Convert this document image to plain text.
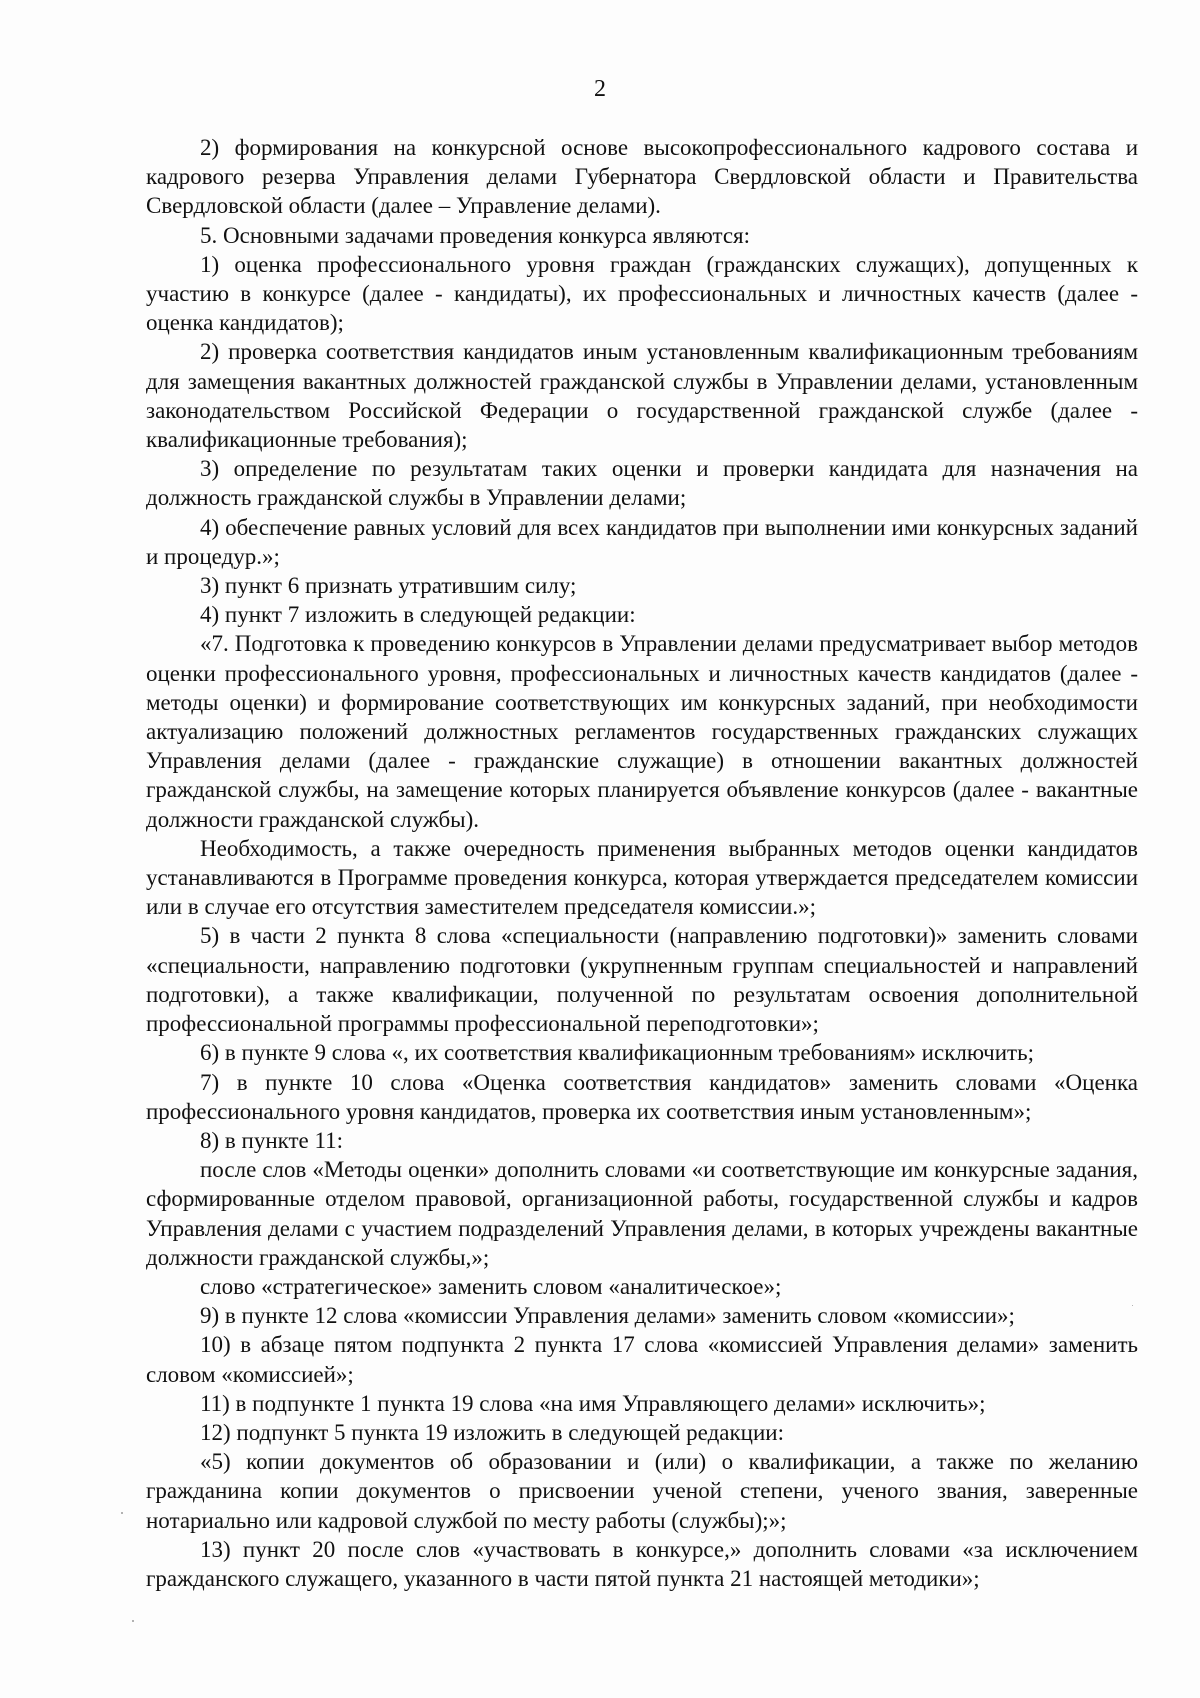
2

2) формирования на конкурсной основе высокопрофессионального кадрового состава и кадрового резерва Управления делами Губернатора Свердловской области и Правительства Свердловской области (далее – Управление делами).

5. Основными задачами проведения конкурса являются:

1) оценка профессионального уровня граждан (гражданских служащих), допущенных к участию в конкурсе (далее - кандидаты), их профессиональных и личностных качеств (далее - оценка кандидатов);

2) проверка соответствия кандидатов иным установленным квалификационным требованиям для замещения вакантных должностей гражданской службы в Управлении делами, установленным законодательством Российской Федерации о государственной гражданской службе (далее - квалификационные требования);

3) определение по результатам таких оценки и проверки кандидата для назначения на должность гражданской службы в Управлении делами;

4) обеспечение равных условий для всех кандидатов при выполнении ими конкурсных заданий и процедур.»;

3) пункт 6 признать утратившим силу;

4) пункт 7 изложить в следующей редакции:

«7. Подготовка к проведению конкурсов в Управлении делами предусматривает выбор методов оценки профессионального уровня, профессиональных и личностных качеств кандидатов (далее - методы оценки) и формирование соответствующих им конкурсных заданий, при необходимости актуализацию положений должностных регламентов государственных гражданских служащих Управления делами (далее - гражданские служащие) в отношении вакантных должностей гражданской службы, на замещение которых планируется объявление конкурсов (далее - вакантные должности гражданской службы).

Необходимость, а также очередность применения выбранных методов оценки кандидатов устанавливаются в Программе проведения конкурса, которая утверждается председателем комиссии или в случае его отсутствия заместителем председателя комиссии.»;

5) в части 2 пункта 8 слова «специальности (направлению подготовки)» заменить словами «специальности, направлению подготовки (укрупненным группам специальностей и направлений подготовки), а также квалификации, полученной по результатам освоения дополнительной профессиональной программы профессиональной переподготовки»;

6) в пункте 9 слова «, их соответствия квалификационным требованиям» исключить;

7) в пункте 10 слова «Оценка соответствия кандидатов» заменить словами «Оценка профессионального уровня кандидатов, проверка их соответствия иным установленным»;

8) в пункте 11:

после слов «Методы оценки» дополнить словами «и соответствующие им конкурсные задания, сформированные отделом правовой, организационной работы, государственной службы и кадров Управления делами с участием подразделений Управления делами, в которых учреждены вакантные должности гражданской службы,»;

слово «стратегическое» заменить словом «аналитическое»;

9) в пункте 12 слова «комиссии Управления делами» заменить словом «комиссии»;

10) в абзаце пятом подпункта 2 пункта 17 слова «комиссией Управления делами» заменить словом «комиссией»;

11) в подпункте 1 пункта 19 слова «на имя Управляющего делами» исключить»;

12) подпункт 5 пункта 19 изложить в следующей редакции:

«5) копии документов об образовании и (или) о квалификации, а также по желанию гражданина копии документов о присвоении ученой степени, ученого звания, заверенные нотариально или кадровой службой по месту работы (службы);»;

13) пункт 20 после слов «участвовать в конкурсе,» дополнить словами «за исключением гражданского служащего, указанного в части пятой пункта 21 настоящей методики»;
